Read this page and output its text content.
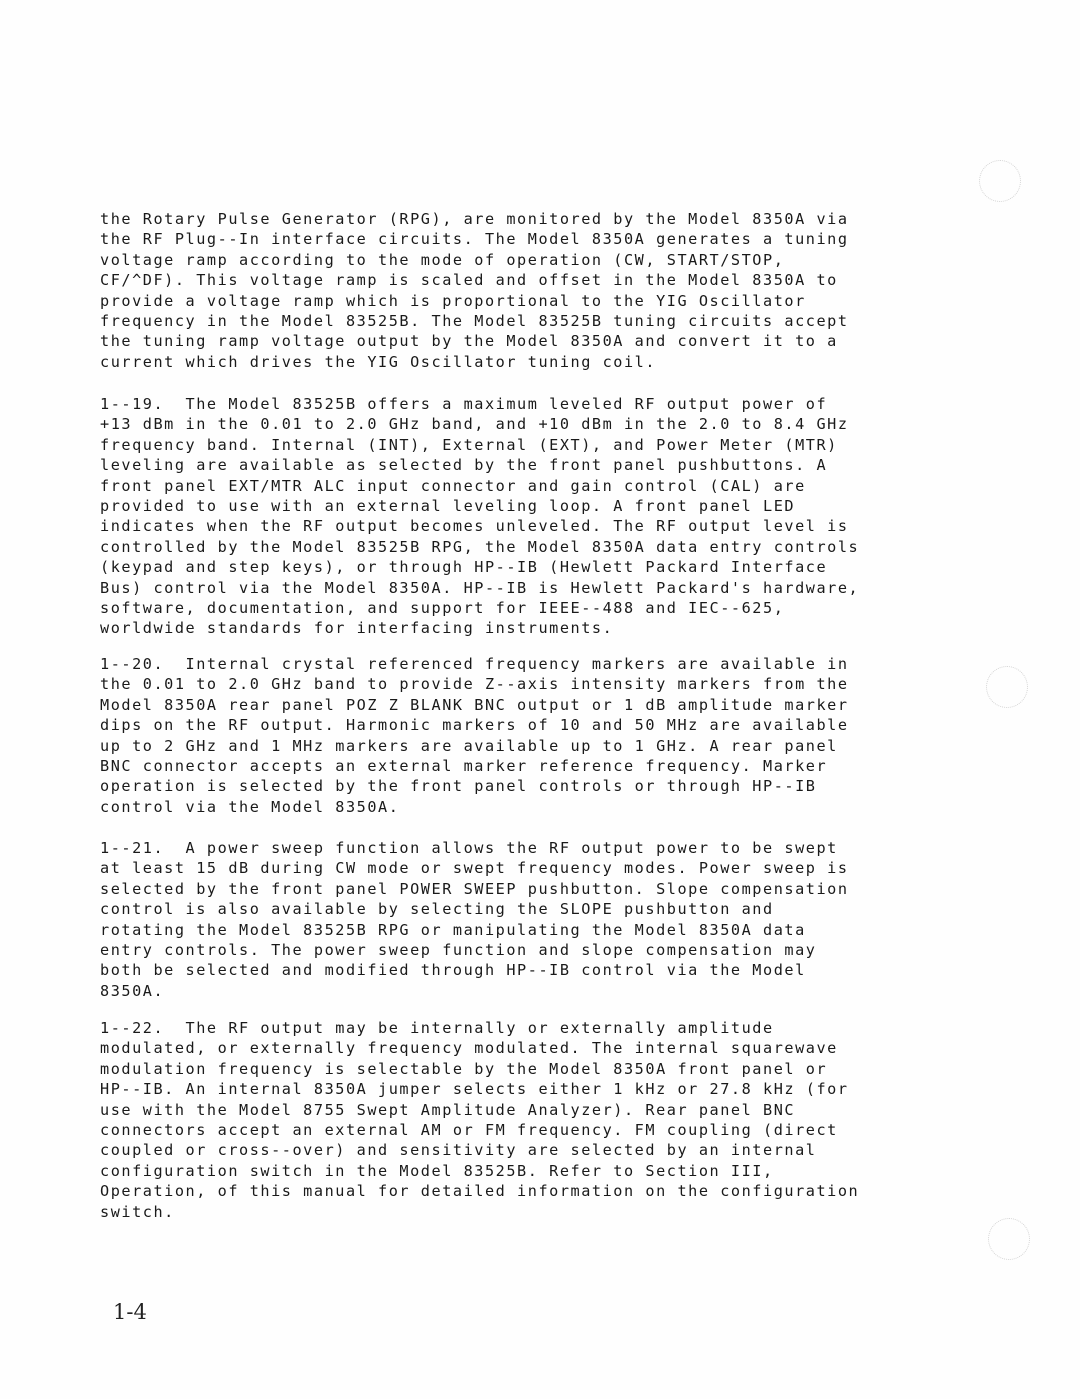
the Rotary Pulse Generator (RPG), are monitored by the Model 8350A via
the RF Plug--In interface circuits. The Model 8350A generates a tuning
voltage ramp according to the mode of operation (CW, START/STOP,
CF/^DF). This voltage ramp is scaled and offset in the Model 8350A to
provide a voltage ramp which is proportional to the YIG Oscillator
frequency in the Model 83525B. The Model 83525B tuning circuits accept
the tuning ramp voltage output by the Model 8350A and convert it to a
current which drives the YIG Oscillator tuning coil.
1--19.  The Model 83525B offers a maximum leveled RF output power of
+13 dBm in the 0.01 to 2.0 GHz band, and +10 dBm in the 2.0 to 8.4 GHz
frequency band. Internal (INT), External (EXT), and Power Meter (MTR)
leveling are available as selected by the front panel pushbuttons. A
front panel EXT/MTR ALC input connector and gain control (CAL) are
provided to use with an external leveling loop. A front panel LED
indicates when the RF output becomes unleveled. The RF output level is
controlled by the Model 83525B RPG, the Model 8350A data entry controls
(keypad and step keys), or through HP--IB (Hewlett Packard Interface
Bus) control via the Model 8350A. HP--IB is Hewlett Packard's hardware,
software, documentation, and support for IEEE--488 and IEC--625,
worldwide standards for interfacing instruments.
1--20.  Internal crystal referenced frequency markers are available in
the 0.01 to 2.0 GHz band to provide Z--axis intensity markers from the
Model 8350A rear panel POZ Z BLANK BNC output or 1 dB amplitude marker
dips on the RF output. Harmonic markers of 10 and 50 MHz are available
up to 2 GHz and 1 MHz markers are available up to 1 GHz. A rear panel
BNC connector accepts an external marker reference frequency. Marker
operation is selected by the front panel controls or through HP--IB
control via the Model 8350A.
1--21.  A power sweep function allows the RF output power to be swept
at least 15 dB during CW mode or swept frequency modes. Power sweep is
selected by the front panel POWER SWEEP pushbutton. Slope compensation
control is also available by selecting the SLOPE pushbutton and
rotating the Model 83525B RPG or manipulating the Model 8350A data
entry controls. The power sweep function and slope compensation may
both be selected and modified through HP--IB control via the Model
8350A.
1--22.  The RF output may be internally or externally amplitude
modulated, or externally frequency modulated. The internal squarewave
modulation frequency is selectable by the Model 8350A front panel or
HP--IB. An internal 8350A jumper selects either 1 kHz or 27.8 kHz (for
use with the Model 8755 Swept Amplitude Analyzer). Rear panel BNC
connectors accept an external AM or FM frequency. FM coupling (direct
coupled or cross--over) and sensitivity are selected by an internal
configuration switch in the Model 83525B. Refer to Section III,
Operation, of this manual for detailed information on the configuration
switch.
1-4
